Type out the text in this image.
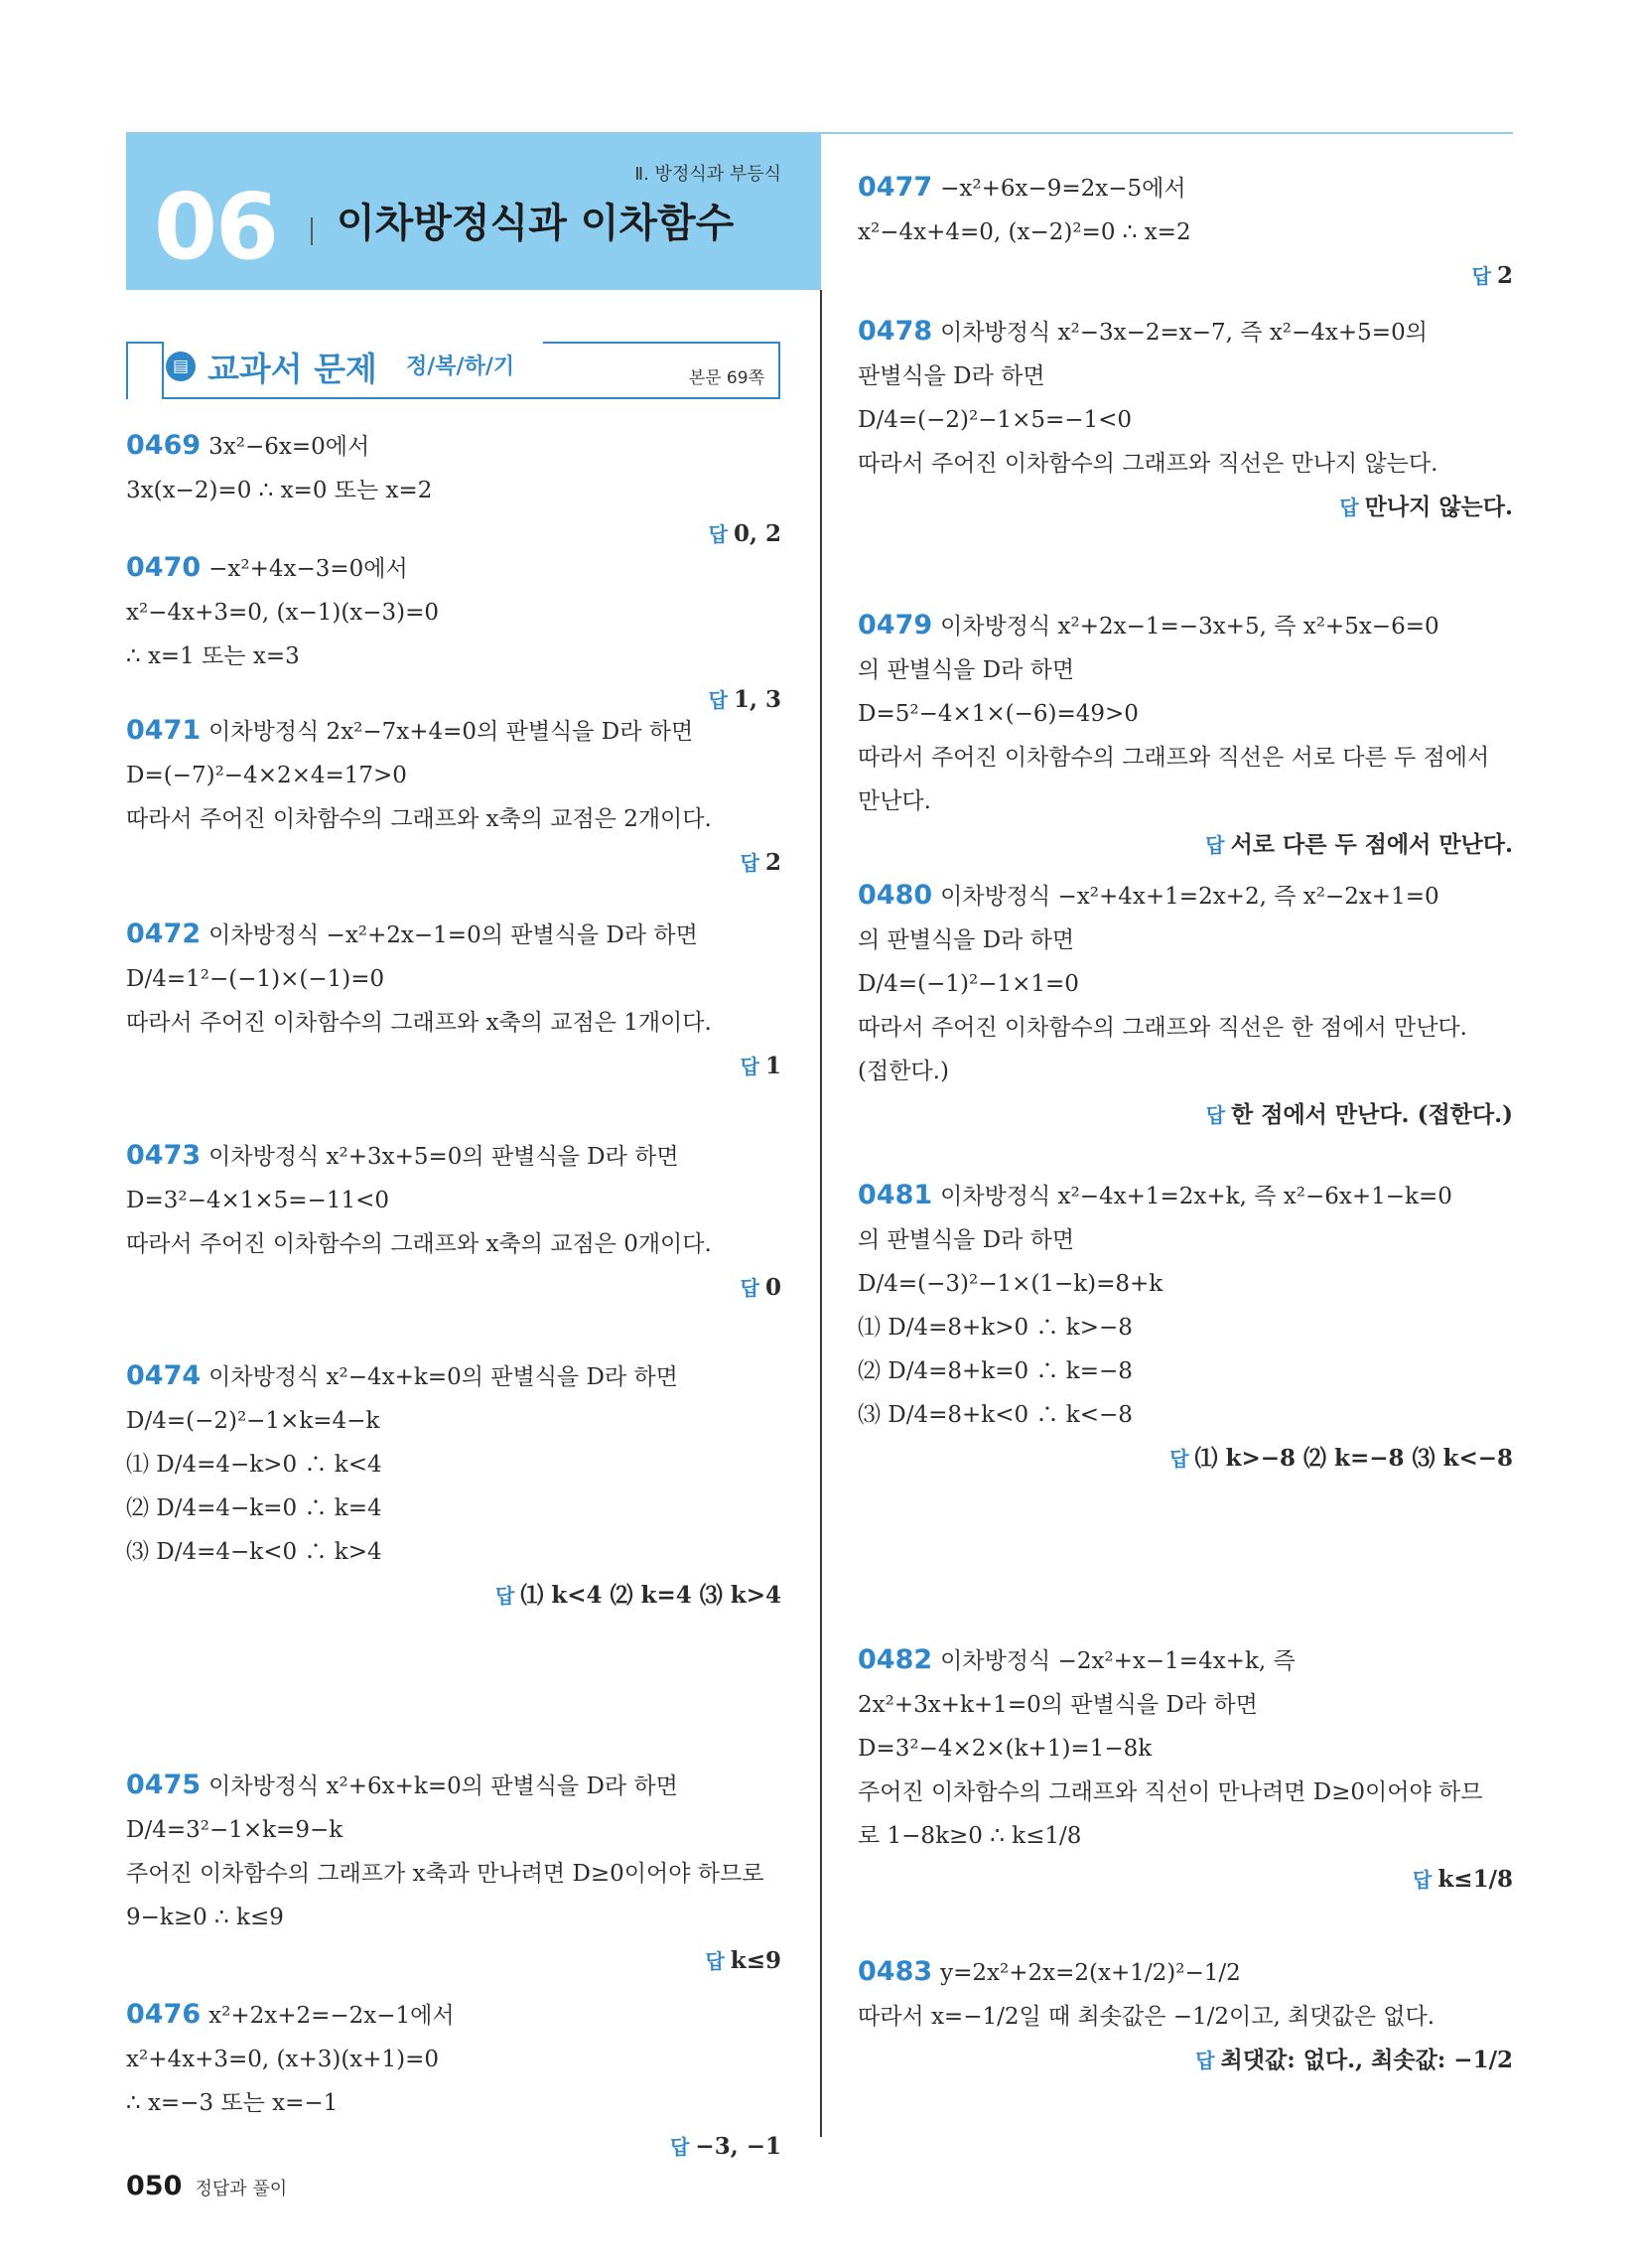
Ⅱ. 방정식과 부등식
06 이차방정식과 이차함수
▤ 교과서 문제 정/복/하/기	본문 69쪽
0469 3x²−6x=0에서
3x(x−2)=0 ∴ x=0 또는 x=2
답 0, 2
0470 −x²+4x−3=0에서
x²−4x+3=0, (x−1)(x−3)=0
∴ x=1 또는 x=3
답 1, 3
0471 이차방정식 2x²−7x+4=0의 판별식을 D라 하면
D=(−7)²−4×2×4=17>0
따라서 주어진 이차함수의 그래프와 x축의 교점은 2개이다.
답 2
0472 이차방정식 −x²+2x−1=0의 판별식을 D라 하면
D/4=1²−(−1)×(−1)=0
따라서 주어진 이차함수의 그래프와 x축의 교점은 1개이다.
답 1
0473 이차방정식 x²+3x+5=0의 판별식을 D라 하면
D=3²−4×1×5=−11<0
따라서 주어진 이차함수의 그래프와 x축의 교점은 0개이다.
답 0
0474 이차방정식 x²−4x+k=0의 판별식을 D라 하면
D/4=(−2)²−1×k=4−k
⑴ D/4=4−k>0 ∴ k<4
⑵ D/4=4−k=0 ∴ k=4
⑶ D/4=4−k<0 ∴ k>4
답 ⑴ k<4 ⑵ k=4 ⑶ k>4
0475 이차방정식 x²+6x+k=0의 판별식을 D라 하면
D/4=3²−1×k=9−k
주어진 이차함수의 그래프가 x축과 만나려면 D≥0이어야 하므로
9−k≥0 ∴ k≤9
답 k≤9
0476 x²+2x+2=−2x−1에서
x²+4x+3=0, (x+3)(x+1)=0
∴ x=−3 또는 x=−1
답 −3, −1
0477 −x²+6x−9=2x−5에서
x²−4x+4=0, (x−2)²=0 ∴ x=2
답 2
0478 이차방정식 x²−3x−2=x−7, 즉 x²−4x+5=0의
판별식을 D라 하면
D/4=(−2)²−1×5=−1<0
따라서 주어진 이차함수의 그래프와 직선은 만나지 않는다.
답 만나지 않는다.
0479 이차방정식 x²+2x−1=−3x+5, 즉 x²+5x−6=0
의 판별식을 D라 하면
D=5²−4×1×(−6)=49>0
따라서 주어진 이차함수의 그래프와 직선은 서로 다른 두 점에서
만난다.
답 서로 다른 두 점에서 만난다.
0480 이차방정식 −x²+4x+1=2x+2, 즉 x²−2x+1=0
의 판별식을 D라 하면
D/4=(−1)²−1×1=0
따라서 주어진 이차함수의 그래프와 직선은 한 점에서 만난다.
(접한다.)
답 한 점에서 만난다. (접한다.)
0481 이차방정식 x²−4x+1=2x+k, 즉 x²−6x+1−k=0
의 판별식을 D라 하면
D/4=(−3)²−1×(1−k)=8+k
⑴ D/4=8+k>0 ∴ k>−8
⑵ D/4=8+k=0 ∴ k=−8
⑶ D/4=8+k<0 ∴ k<−8
답 ⑴ k>−8 ⑵ k=−8 ⑶ k<−8
0482 이차방정식 −2x²+x−1=4x+k, 즉
2x²+3x+k+1=0의 판별식을 D라 하면
D=3²−4×2×(k+1)=1−8k
주어진 이차함수의 그래프와 직선이 만나려면 D≥0이어야 하므
로 1−8k≥0 ∴ k≤1/8
답 k≤1/8
0483 y=2x²+2x=2(x+1/2)²−1/2
따라서 x=−1/2일 때 최솟값은 −1/2이고, 최댓값은 없다.
답 최댓값: 없다., 최솟값: −1/2
050 정답과 풀이
